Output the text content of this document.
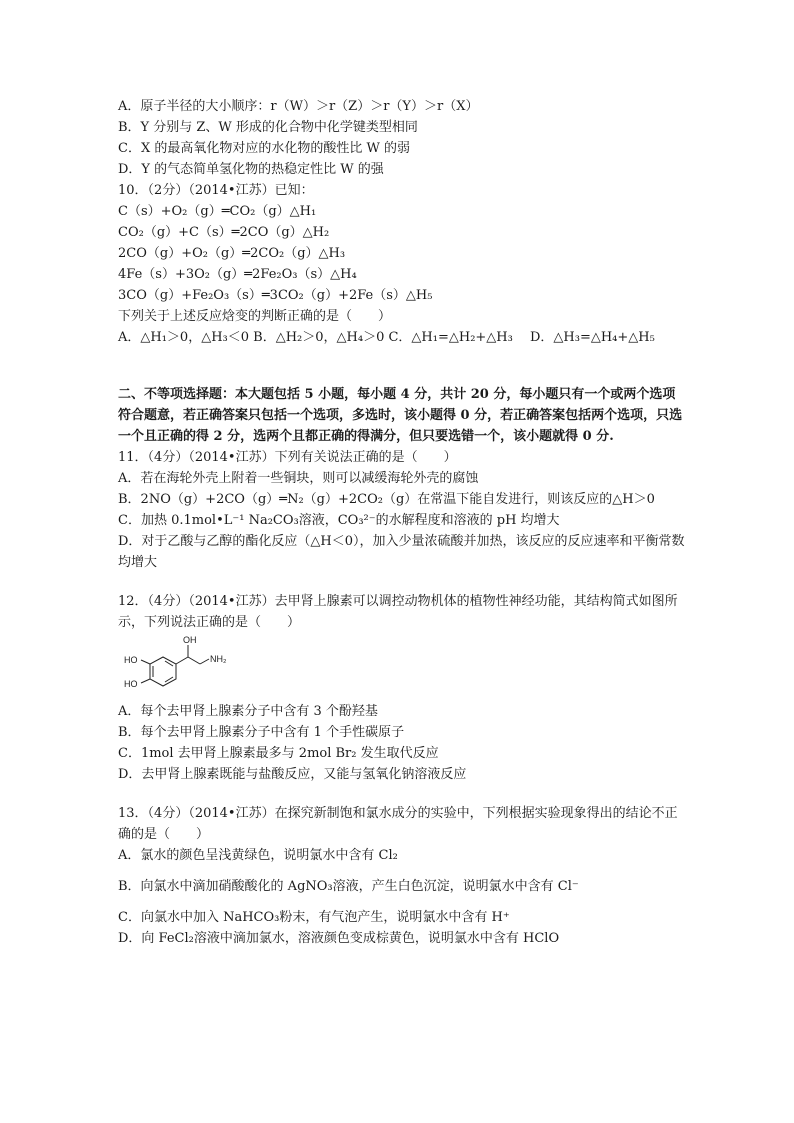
A．原子半径的大小顺序：r（W）＞r（Z）＞r（Y）＞r（X）
B．Y 分别与 Z、W 形成的化合物中化学键类型相同
C．X 的最高氧化物对应的水化物的酸性比 W 的弱
D．Y 的气态简单氢化物的热稳定性比 W 的强
10．（2分）（2014•江苏）已知：
C（s）+O₂（g）═CO₂（g）△H₁
CO₂（g）+C（s）═2CO（g）△H₂
2CO（g）+O₂（g）═2CO₂（g）△H₃
4Fe（s）+3O₂（g）═2Fe₂O₃（s）△H₄
3CO（g）+Fe₂O₃（s）═3CO₂（g）+2Fe（s）△H₅
下列关于上述反应焓变的判断正确的是（　　）
A．△H₁＞0，△H₃＜0 B．△H₂＞0，△H₄＞0 C．△H₁=△H₂+△H₃　 D．△H₃=△H₄+△H₅
二、不等项选择题：本大题包括 5 小题，每小题 4 分，共计 20 分，每小题只有一个或两个选项符合题意，若正确答案只包括一个选项，多选时，该小题得 0 分，若正确答案包括两个选项，只选一个且正确的得 2 分，选两个且都正确的得满分，但只要选错一个，该小题就得 0 分.
11．（4分）（2014•江苏）下列有关说法正确的是（　　）
A．若在海轮外壳上附着一些铜块，则可以减缓海轮外壳的腐蚀
B．2NO（g）+2CO（g）═N₂（g）+2CO₂（g）在常温下能自发进行，则该反应的△H＞0
C．加热 0.1mol•L⁻¹ Na₂CO₃溶液，CO₃²⁻的水解程度和溶液的 pH 均增大
D．对于乙酸与乙醇的酯化反应（△H＜0），加入少量浓硫酸并加热，该反应的反应速率和平衡常数均增大
12．（4分）（2014•江苏）去甲肾上腺素可以调控动物机体的植物性神经功能，其结构简式如图所示，下列说法正确的是（　　）
OH
HO
HO
NH₂
A．每个去甲肾上腺素分子中含有 3 个酚羟基
B．每个去甲肾上腺素分子中含有 1 个手性碳原子
C．1mol 去甲肾上腺素最多与 2mol Br₂ 发生取代反应
D．去甲肾上腺素既能与盐酸反应，又能与氢氧化钠溶液反应
13．（4分）（2014•江苏）在探究新制饱和氯水成分的实验中，下列根据实验现象得出的结论不正确的是（　　）
A．氯水的颜色呈浅黄绿色，说明氯水中含有 Cl₂
B．向氯水中滴加硝酸酸化的 AgNO₃溶液，产生白色沉淀，说明氯水中含有 Cl⁻
C．向氯水中加入 NaHCO₃粉末，有气泡产生，说明氯水中含有 H⁺
D．向 FeCl₂溶液中滴加氯水，溶液颜色变成棕黄色，说明氯水中含有 HClO
